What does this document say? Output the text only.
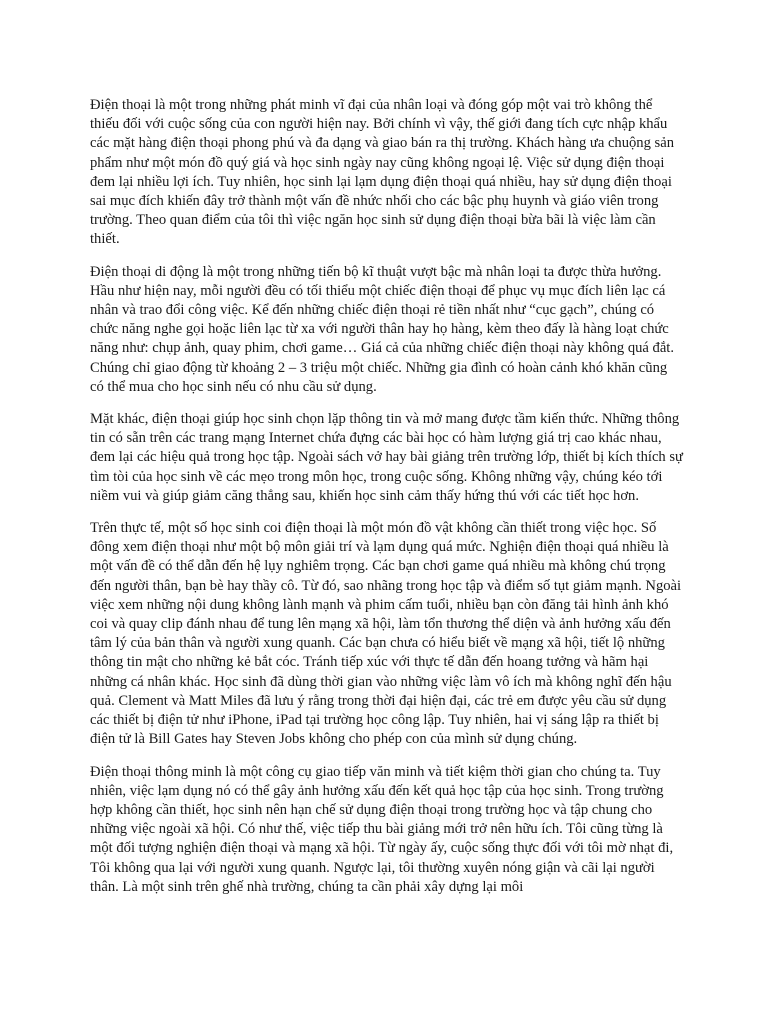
Điện thoại là một trong những phát minh vĩ đại của nhân loại và đóng góp một vai trò không thể thiếu đối với cuộc sống của con người hiện nay. Bởi chính vì vậy, thế giới đang tích cực nhập khẩu các mặt hàng điện thoại phong phú và đa dạng và giao bán ra thị trường. Khách hàng ưa chuộng sản phẩm như một món đồ quý giá và học sinh ngày nay cũng không ngoại lệ. Việc sử dụng điện thoại đem lại nhiều lợi ích. Tuy nhiên, học sinh lại lạm dụng điện thoại quá nhiều, hay sử dụng điện thoại sai mục đích khiến đây trở thành một vấn đề nhức nhối cho các bậc phụ huynh và giáo viên trong trường. Theo quan điểm của tôi thì việc ngăn học sinh sử dụng điện thoại bừa bãi là việc làm cần thiết.

Điện thoại di động là một trong những tiến bộ kĩ thuật vượt bậc mà nhân loại ta được thừa hưởng. Hầu như hiện nay, mỗi người đều có tối thiểu một chiếc điện thoại để phục vụ mục đích liên lạc cá nhân và trao đổi công việc. Kể đến những chiếc điện thoại rẻ tiền nhất như “cục gạch”, chúng có chức năng nghe gọi hoặc liên lạc từ xa với người thân hay họ hàng, kèm theo đấy là hàng loạt chức năng như: chụp ảnh, quay phim, chơi game… Giá cả của những chiếc điện thoại này không quá đắt. Chúng chỉ giao động từ khoảng 2 – 3 triệu một chiếc. Những gia đình có hoàn cảnh khó khăn cũng có thể mua cho học sinh nếu có nhu cầu sử dụng.

Mặt khác, điện thoại giúp học sinh chọn lặp thông tin và mở mang được tầm kiến thức. Những thông tin có sẵn trên các trang mạng Internet chứa đựng các bài học có hàm lượng giá trị cao khác nhau, đem lại các hiệu quả trong học tập. Ngoài sách vở hay bài giảng trên trường lớp, thiết bị kích thích sự tìm tòi của học sinh về các mẹo trong môn học, trong cuộc sống. Không những vậy, chúng kéo tới niềm vui và giúp giảm căng thẳng sau, khiến học sinh cảm thấy hứng thú với các tiết học hơn.

Trên thực tế, một số học sinh coi điện thoại là một món đồ vật không cần thiết trong việc học. Số đông xem điện thoại như một bộ môn giải trí và lạm dụng quá mức. Nghiện điện thoại quá nhiều là một vấn đề có thể dẫn đến hệ lụy nghiêm trọng. Các bạn chơi game quá nhiều mà không chú trọng đến người thân, bạn bè hay thầy cô. Từ đó, sao nhãng trong học tập và điểm số tụt giảm mạnh. Ngoài việc xem những nội dung không lành mạnh và phim cấm tuổi, nhiều bạn còn đăng tải hình ảnh khó coi và quay clip đánh nhau để tung lên mạng xã hội, làm tổn thương thể diện và ảnh hưởng xấu đến tâm lý của bản thân và người xung quanh. Các bạn chưa có hiểu biết về mạng xã hội, tiết lộ những thông tin mật cho những kẻ bắt cóc. Tránh tiếp xúc với thực tế dẫn đến hoang tưởng và hãm hại những cá nhân khác. Học sinh đã dùng thời gian vào những việc làm vô ích mà không nghĩ đến hậu quả. Clement và Matt Miles đã lưu ý rằng trong thời đại hiện đại, các trẻ em được yêu cầu sử dụng các thiết bị điện tử như iPhone, iPad tại trường học công lập. Tuy nhiên, hai vị sáng lập ra thiết bị điện tử là Bill Gates hay Steven Jobs không cho phép con của mình sử dụng chúng.

Điện thoại thông minh là một công cụ giao tiếp văn minh và tiết kiệm thời gian cho chúng ta. Tuy nhiên, việc lạm dụng nó có thể gây ảnh hưởng xấu đến kết quả học tập của học sinh. Trong trường hợp không cần thiết, học sinh nên hạn chế sử dụng điện thoại trong trường học và tập chung cho những việc ngoài xã hội. Có như thế, việc tiếp thu bài giảng mới trở nên hữu ích. Tôi cũng từng là một đối tượng nghiện điện thoại và mạng xã hội. Từ ngày ấy, cuộc sống thực đối với tôi mờ nhạt đi, Tôi không qua lại với người xung quanh. Ngược lại, tôi thường xuyên nóng giận và cãi lại người thân. Là một sinh trên ghế nhà trường, chúng ta cần phải xây dựng lại môi
